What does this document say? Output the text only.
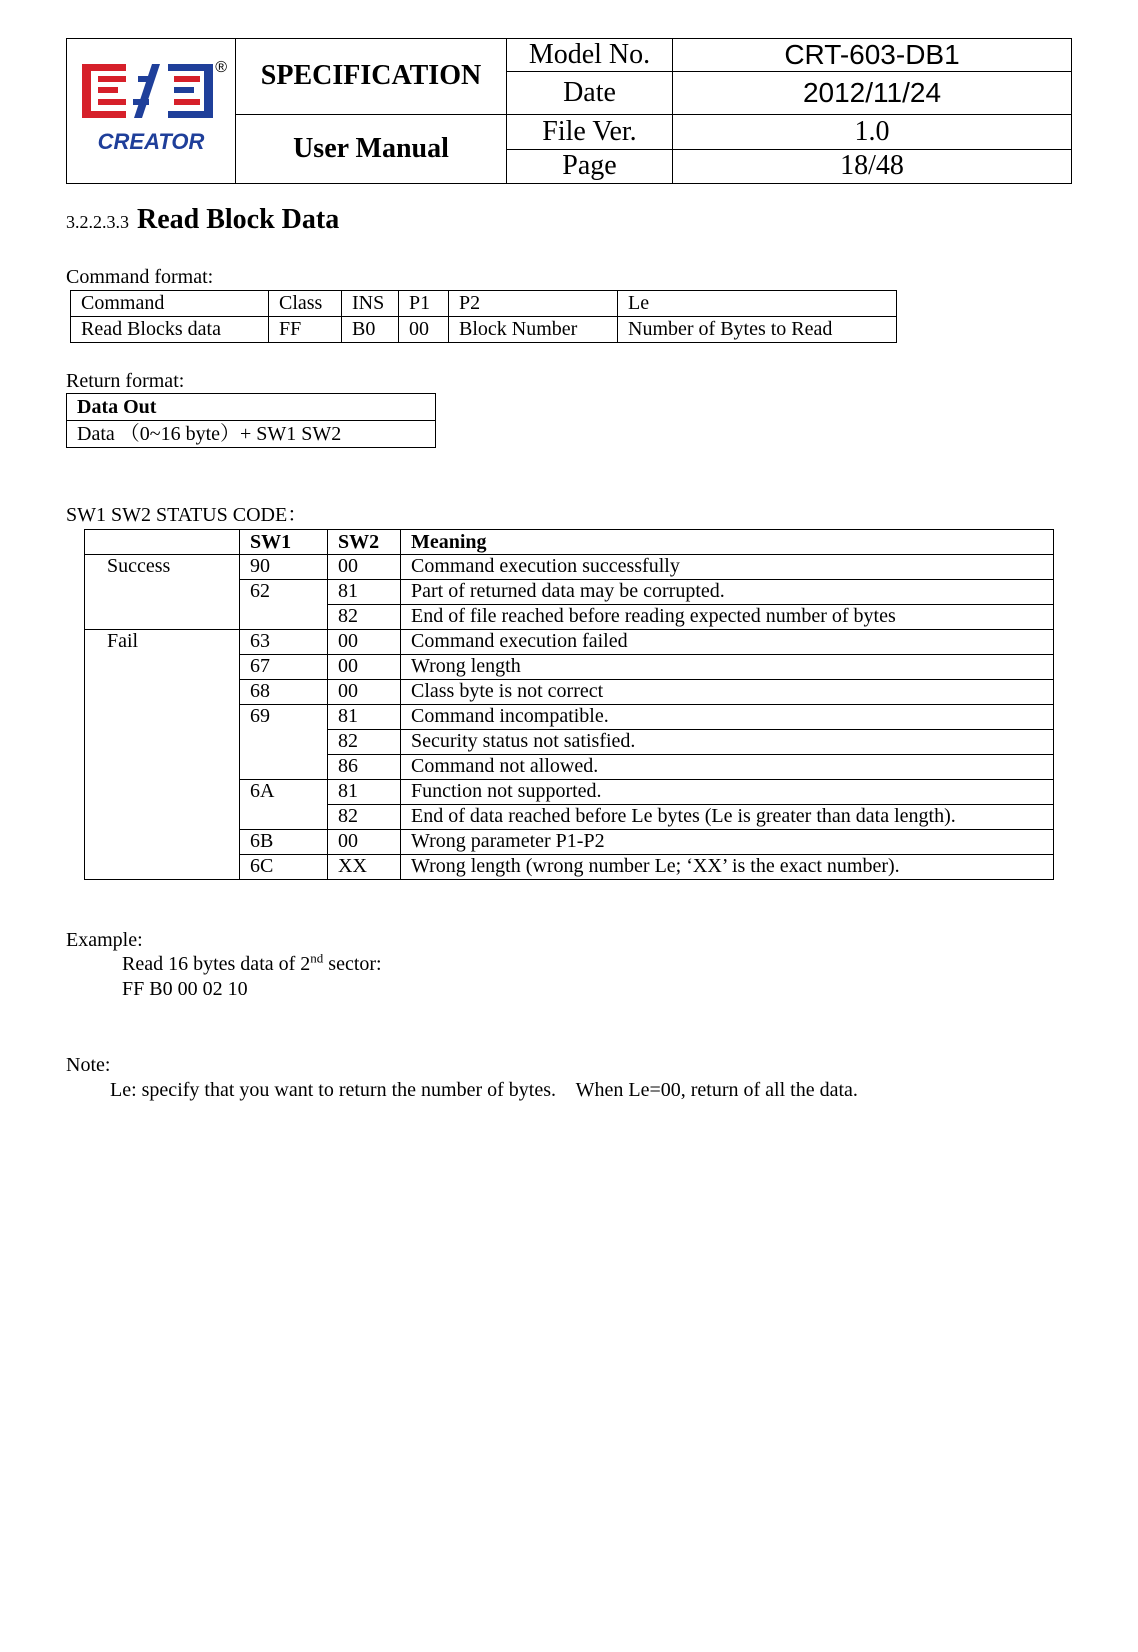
CREATOR
®	SPECIFICATION	Model No.	CRT-603-DB1
		Date	2012/11/24
	User Manual	File Ver.	1.0
		Page	18/48
3.2.2.3.3 Read Block Data
Command format:
Command	Class	INS	P1	P2	Le
Read Blocks data	FF	B0	00	Block Number	Number of Bytes to Read
Return format:
Data Out
Data （0~16 byte）+ SW1 SW2
SW1 SW2 STATUS CODE：
	SW1	SW2	Meaning
Success	90	00	Command execution successfully
	62	81	Part of returned data may be corrupted.
		82	End of file reached before reading expected number of bytes
Fail	63	00	Command execution failed
	67	00	Wrong length
	68	00	Class byte is not correct
	69	81	Command incompatible.
		82	Security status not satisfied.
		86	Command not allowed.
	6A	81	Function not supported.
		82	End of data reached before Le bytes (Le is greater than data length).
	6B	00	Wrong parameter P1-P2
	6C	XX	Wrong length (wrong number Le; ‘XX’ is the exact number).
Example:
Read 16 bytes data of 2nd sector:
FF B0 00 02 10
Note:
Le: specify that you want to return the number of bytes.    When Le=00, return of all the data.
